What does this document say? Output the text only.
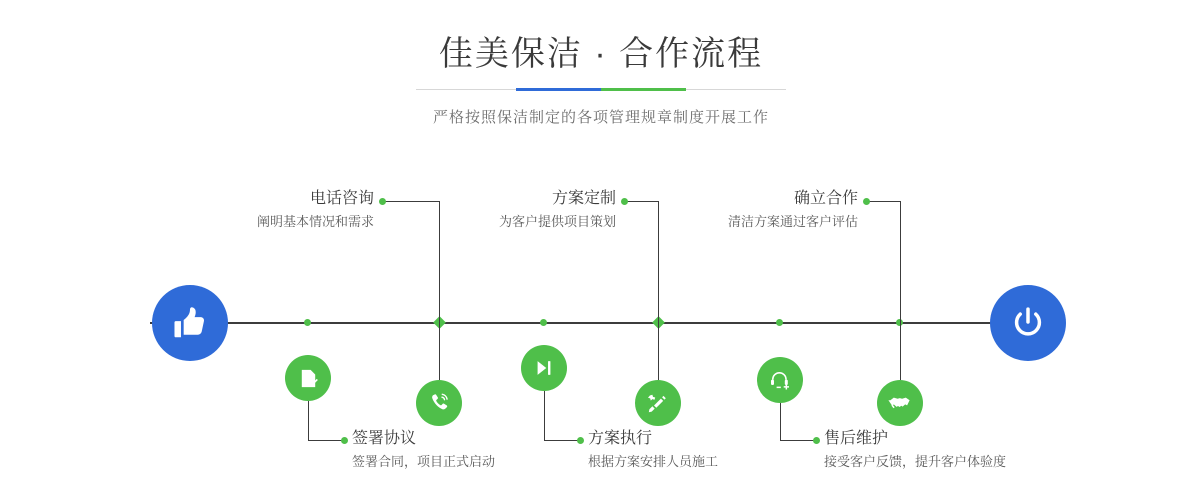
佳美保洁 · 合作流程
严格按照保洁制定的各项管理规章制度开展工作
电话咨询
阐明基本情况和需求
签署协议
签署合同，项目正式启动
方案定制
为客户提供项目策划
方案执行
根据方案安排人员施工
确立合作
清洁方案通过客户评估
售后维护
接受客户反馈，提升客户体验度
